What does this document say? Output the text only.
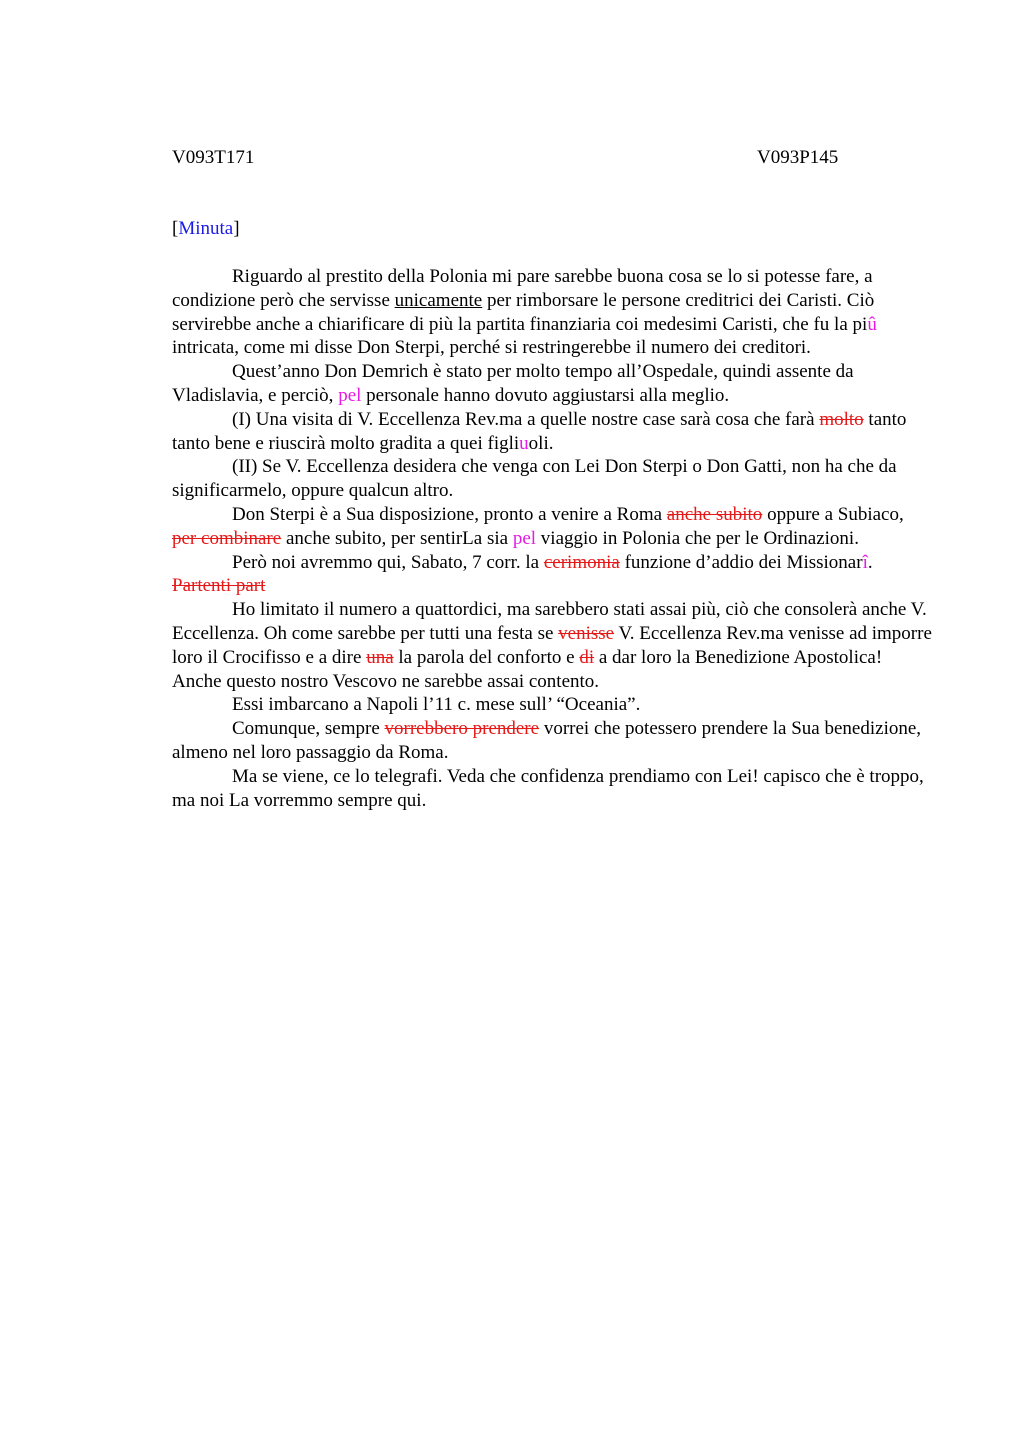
V093T171	V093P145
[Minuta]

Riguardo al prestito della Polonia mi pare sarebbe buona cosa se lo si potesse fare, a condizione però che servisse unicamente per rimborsare le persone creditrici dei Caristi. Ciò servirebbe anche a chiarificare di più la partita finanziaria coi medesimi Caristi, che fu la piû intricata, come mi disse Don Sterpi, perché si restringerebbe il numero dei creditori.

Quest’anno Don Demrich è stato per molto tempo all’Ospedale, quindi assente da Vladislavia, e perciò, pel personale hanno dovuto aggiustarsi alla meglio.

(I) Una visita di V. Eccellenza Rev.ma a quelle nostre case sarà cosa che farà molto tanto tanto bene e riuscirà molto gradita a quei figliuoli.

(II) Se V. Eccellenza desidera che venga con Lei Don Sterpi o Don Gatti, non ha che da significarmelo, oppure qualcun altro.

Don Sterpi è a Sua disposizione, pronto a venire a Roma anche subito oppure a Subiaco, per combinare anche subito, per sentirLa sia pel viaggio in Polonia che per le Ordinazioni.

Però noi avremmo qui, Sabato, 7 corr. la cerimonia funzione d’addio dei Missionarî. Partenti part

Ho limitato il numero a quattordici, ma sarebbero stati assai più, ciò che consolerà anche V. Eccellenza. Oh come sarebbe per tutti una festa se venisse V. Eccellenza Rev.ma venisse ad imporre loro il Crocifisso e a dire una la parola del conforto e di a dar loro la Benedizione Apostolica! Anche questo nostro Vescovo ne sarebbe assai contento.

Essi imbarcano a Napoli l’11 c. mese sull’ “Oceania”.

Comunque, sempre vorrebbero prendere vorrei che potessero prendere la Sua benedizione, almeno nel loro passaggio da Roma.

Ma se viene, ce lo telegrafi. Veda che confidenza prendiamo con Lei! capisco che è troppo, ma noi La vorremmo sempre qui.
